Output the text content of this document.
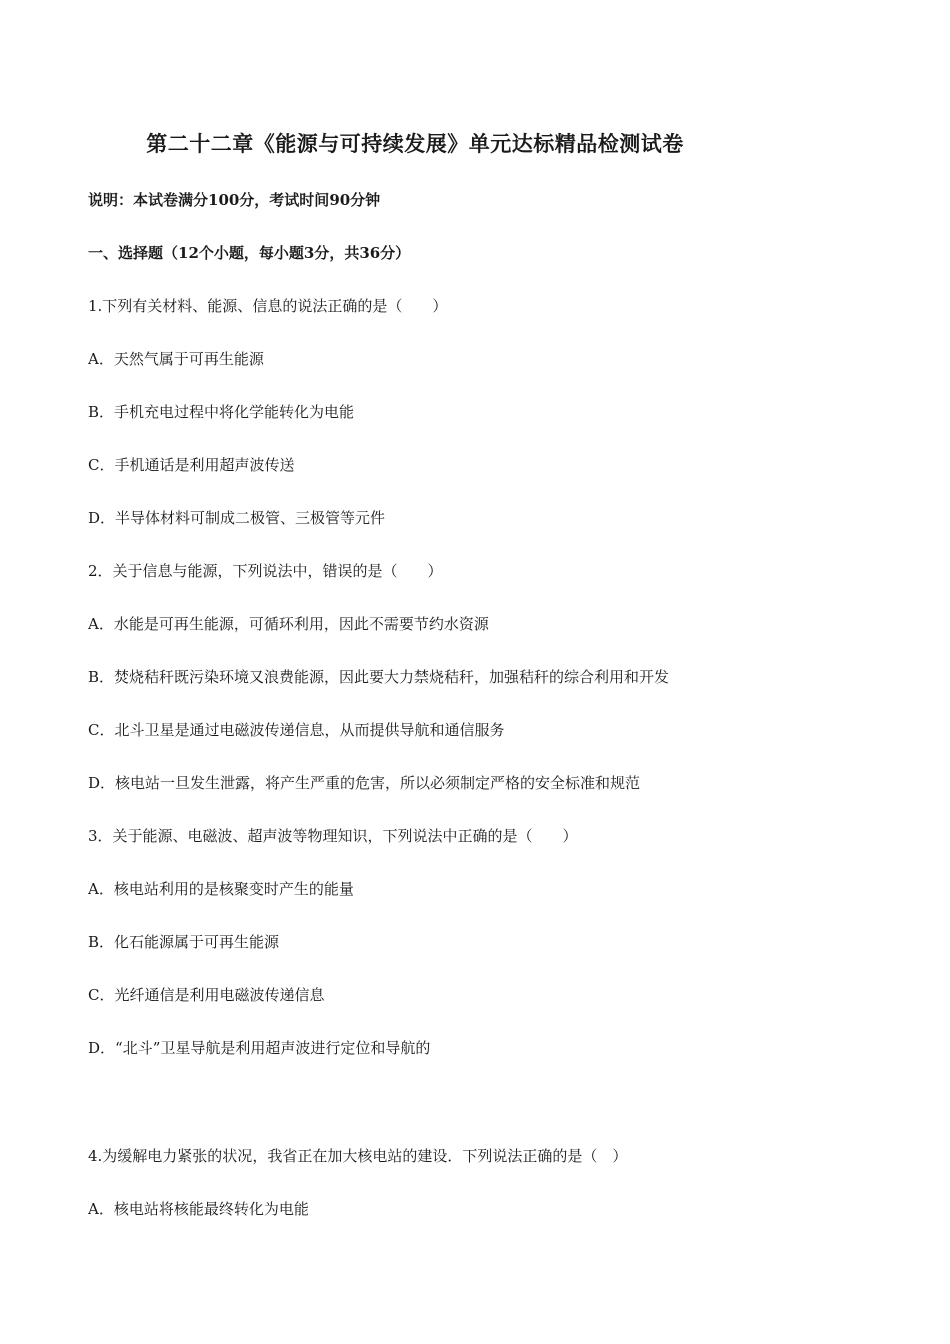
第二十二章《能源与可持续发展》单元达标精品检测试卷
说明：本试卷满分100分，考试时间90分钟
一、选择题（12个小题，每小题3分，共36分）
1.下列有关材料、能源、信息的说法正确的是（　　）
A．天然气属于可再生能源
B．手机充电过程中将化学能转化为电能
C．手机通话是利用超声波传送
D．半导体材料可制成二极管、三极管等元件
2．关于信息与能源，下列说法中，错误的是（　　）
A．水能是可再生能源，可循环利用，因此不需要节约水资源
B．焚烧秸秆既污染环境又浪费能源，因此要大力禁烧秸秆，加强秸秆的综合利用和开发
C．北斗卫星是通过电磁波传递信息，从而提供导航和通信服务
D．核电站一旦发生泄露，将产生严重的危害，所以必须制定严格的安全标准和规范
3．关于能源、电磁波、超声波等物理知识，下列说法中正确的是（　　）
A．核电站利用的是核聚变时产生的能量
B．化石能源属于可再生能源
C．光纤通信是利用电磁波传递信息
D．“北斗”卫星导航是利用超声波进行定位和导航的
4.为缓解电力紧张的状况，我省正在加大核电站的建设．下列说法正确的是（　）
A．核电站将核能最终转化为电能
